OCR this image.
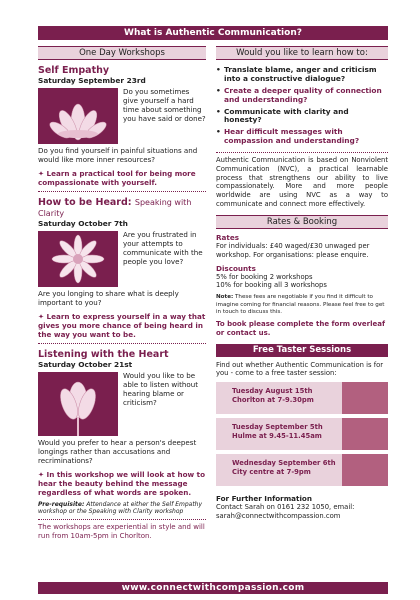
What is Authentic Communication?
One Day Workshops
Self Empathy
Saturday September 23rd

Do you sometimes give yourself a hard time about something you have said or done?

Do you find yourself in painful situations and would like more inner resources?

✦ Learn a practical tool for being more compassionate with yourself.
How to be Heard: Speaking with Clarity
Saturday October 7th

Are you frustrated in your attempts to communicate with the people you love?

Are you longing to share what is deeply important to you?

✦ Learn to express yourself in a way that gives you more chance of being heard in the way you want to be.
Listening with the Heart
Saturday October 21st

Would you like to be able to listen without hearing blame or criticism?

Would you prefer to hear a person's deepest longings rather than accusations and recriminations?

✦ In this workshop we will look at how to hear the beauty behind the message regardless of what words are spoken.
Pre-requisite: Attendance at either the Self Empathy workshop or the Speaking with Clarity workshop
The workshops are experiential in style and will run from 10am-5pm in Chorlton.
Would you like to learn how to:
• Translate blame, anger and criticism into a constructive dialogue?
• Create a deeper quality of connection and understanding?
• Communicate with clarity and honesty?
• Hear difficult messages with compassion and understanding?
Authentic Communication is based on Nonviolent Communication (NVC), a practical learnable process that strengthens our ability to live compassionately. More and more people worldwide are using NVC as a way to communicate and connect more effectively.
Rates & Booking
Rates
For individuals: £40 waged/£30 unwaged per workshop. For organisations: please enquire.
Discounts
5% for booking 2 workshops
10% for booking all 3 workshops
Note: These fees are negotiable if you find it difficult to imagine coming for financial reasons. Please feel free to get in touch to discuss this.
To book please complete the form overleaf or contact us.
Free Taster Sessions
Find out whether Authentic Communication is for you - come to a free taster session:
Tuesday August 15th
Chorlton at 7-9.30pm
Tuesday September 5th
Hulme at 9.45-11.45am
Wednesday September 6th
City centre at 7-9pm
For Further Information
Contact Sarah on 0161 232 1050, email:
sarah@connectwithcompassion.com
www.connectwithcompassion.com
